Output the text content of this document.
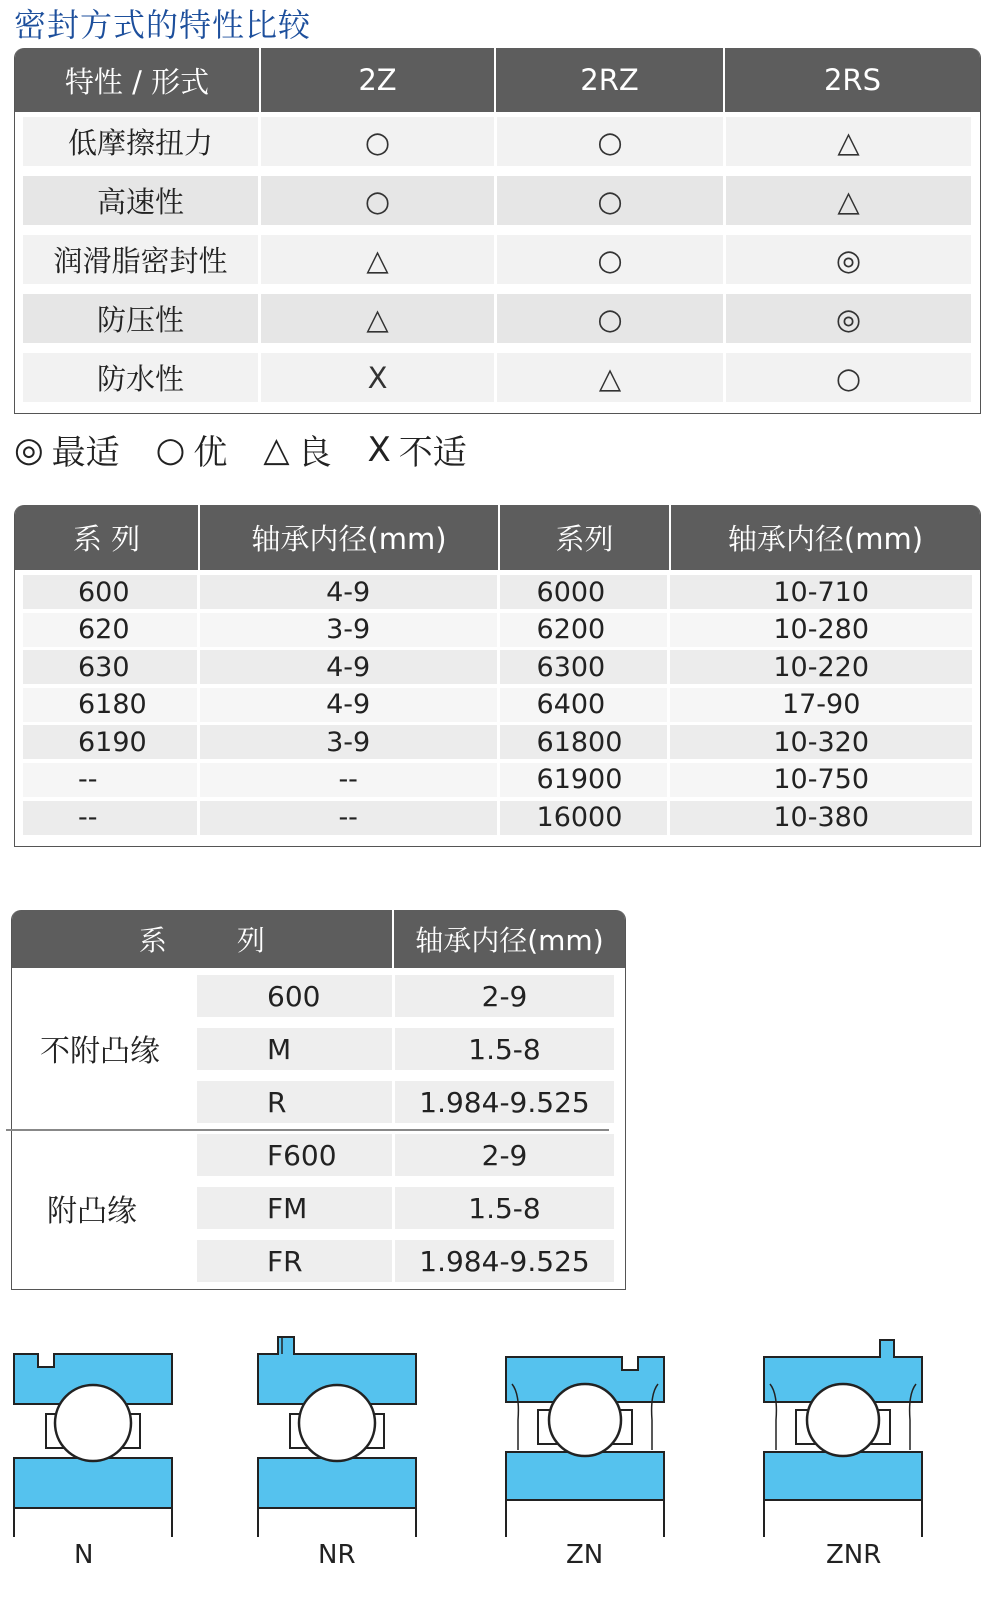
密封方式的特性比较
特性 / 形式	2Z	2RZ	2RS
低摩擦扭力	○	○	△
高速性	○	○	△
润滑脂密封性	△	○	◎
防压性	△	○	◎
防水性	X	△	○
◎ 最适 ○ 优 △ 良 X 不适
系 列	轴承内径(mm)	系列	轴承内径(mm)
600	4-9	6000	10-710
620	3-9	6200	10-280
630	4-9	6300	10-220
6180	4-9	6400	17-90
6190	3-9	61800	10-320
--	--	61900	10-750
--	--	16000	10-380
系列	轴承内径(mm)
不附凸缘
600	2-9
M	1.5-8
R	1.984-9.525
附凸缘
F600	2-9
FM	1.5-8
FR	1.984-9.525
N	NR	ZN	ZNR
